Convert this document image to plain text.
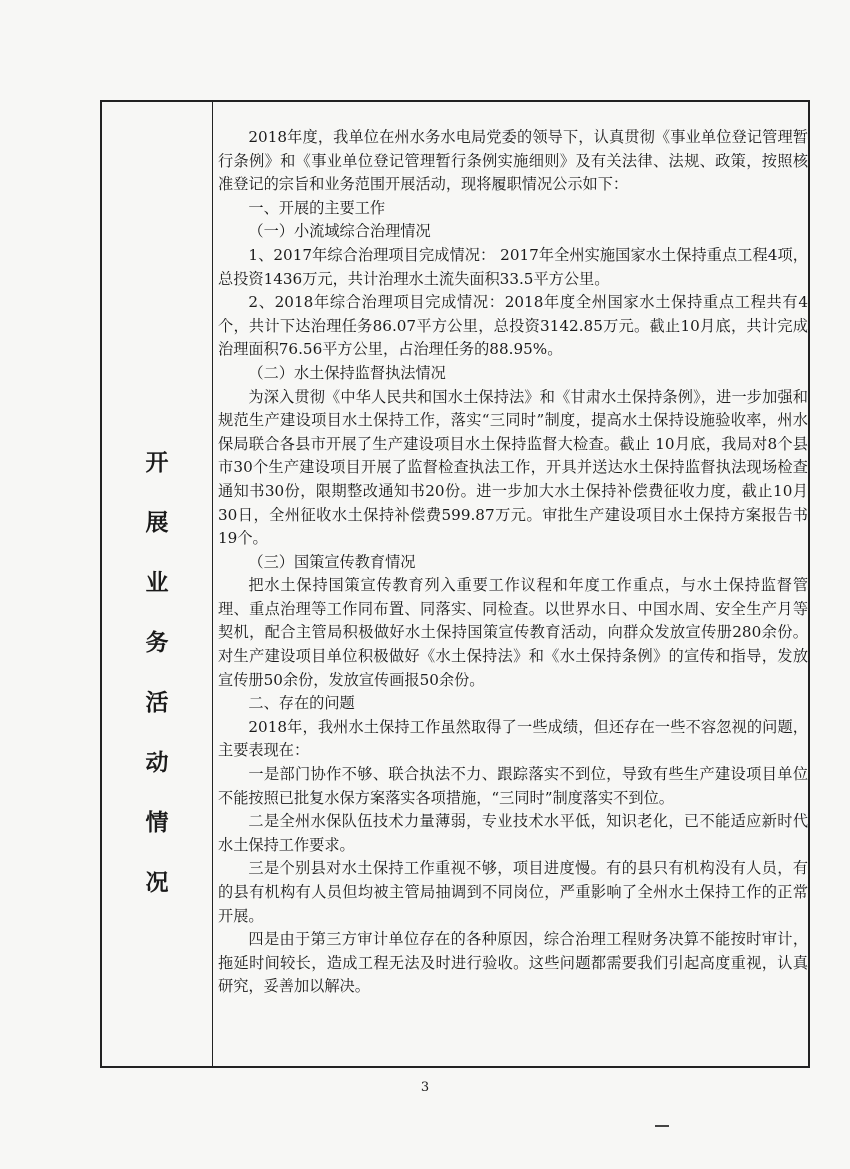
开
展
业
务
活
动
情
况

2018年度，我单位在州水务水电局党委的领导下，认真贯彻《事业单位登记管理暂行条例》和《事业单位登记管理暂行条例实施细则》及有关法律、法规、政策，按照核准登记的宗旨和业务范围开展活动，现将履职情况公示如下：

一、开展的主要工作

（一）小流域综合治理情况

1、2017年综合治理项目完成情况： 2017年全州实施国家水土保持重点工程4项，总投资1436万元，共计治理水土流失面积33.5平方公里。

2、2018年综合治理项目完成情况：2018年度全州国家水土保持重点工程共有4个，共计下达治理任务86.07平方公里，总投资3142.85万元。截止10月底，共计完成治理面积76.56平方公里，占治理任务的88.95%。

（二）水土保持监督执法情况

为深入贯彻《中华人民共和国水土保持法》和《甘肃水土保持条例》，进一步加强和规范生产建设项目水土保持工作，落实“三同时”制度，提高水土保持设施验收率，州水保局联合各县市开展了生产建设项目水土保持监督大检查。截止 10月底，我局对8个县市30个生产建设项目开展了监督检查执法工作，开具并送达水土保持监督执法现场检查通知书30份，限期整改通知书20份。进一步加大水土保持补偿费征收力度，截止10月30日，全州征收水土保持补偿费599.87万元。审批生产建设项目水土保持方案报告书19个。

（三）国策宣传教育情况

把水土保持国策宣传教育列入重要工作议程和年度工作重点，与水土保持监督管理、重点治理等工作同布置、同落实、同检查。以世界水日、中国水周、安全生产月等契机，配合主管局积极做好水土保持国策宣传教育活动，向群众发放宣传册280余份。对生产建设项目单位积极做好《水土保持法》和《水土保持条例》的宣传和指导，发放宣传册50余份，发放宣传画报50余份。

二、存在的问题

2018年，我州水土保持工作虽然取得了一些成绩，但还存在一些不容忽视的问题，主要表现在：

一是部门协作不够、联合执法不力、跟踪落实不到位，导致有些生产建设项目单位不能按照已批复水保方案落实各项措施，“三同时”制度落实不到位。

二是全州水保队伍技术力量薄弱，专业技术水平低，知识老化，已不能适应新时代水土保持工作要求。

三是个别县对水土保持工作重视不够，项目进度慢。有的县只有机构没有人员，有的县有机构有人员但均被主管局抽调到不同岗位，严重影响了全州水土保持工作的正常开展。

四是由于第三方审计单位存在的各种原因，综合治理工程财务决算不能按时审计，拖延时间较长，造成工程无法及时进行验收。这些问题都需要我们引起高度重视，认真研究，妥善加以解决。

3
